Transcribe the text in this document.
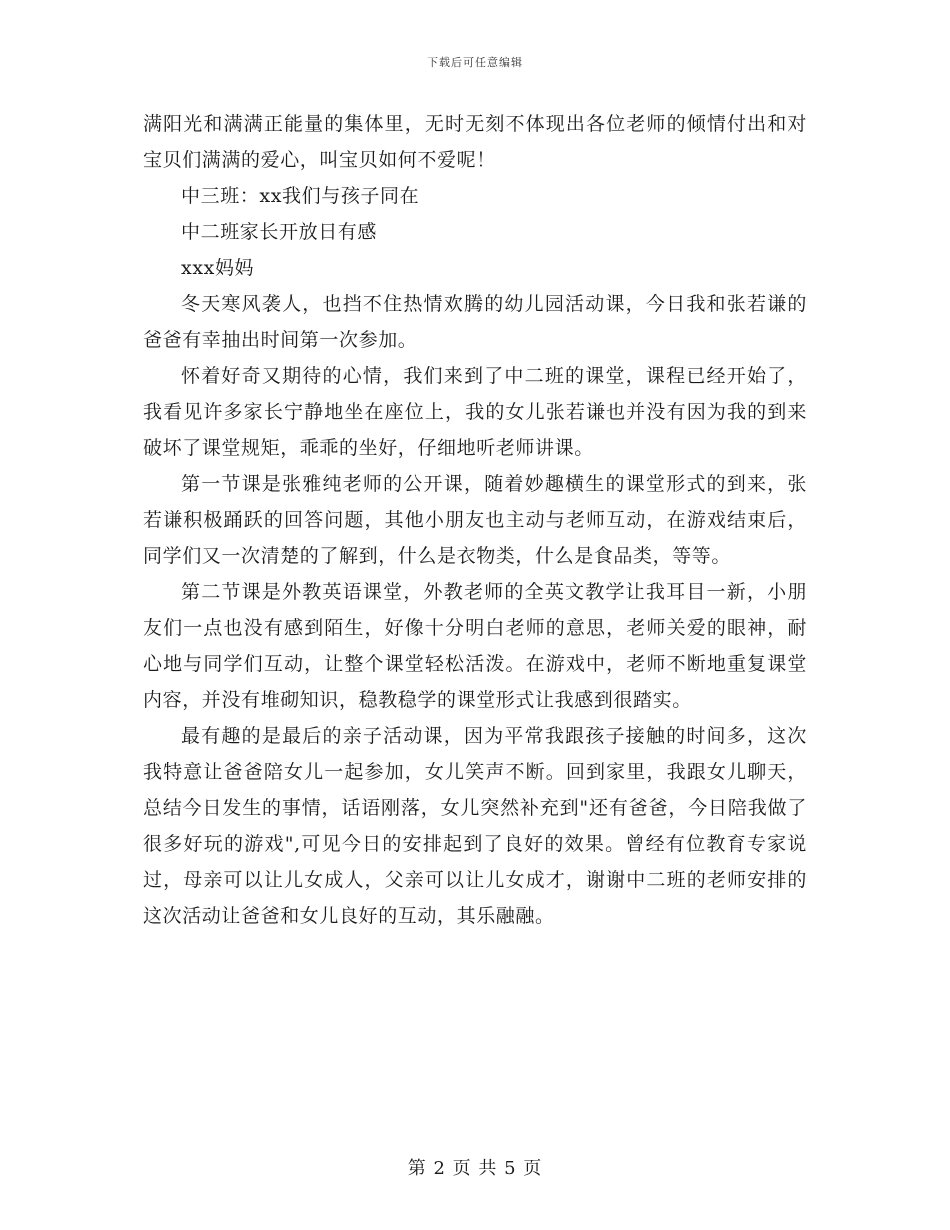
下载后可任意编辑

满阳光和满满正能量的集体里，无时无刻不体现出各位老师的倾情付出和对宝贝们满满的爱心，叫宝贝如何不爱呢！

中三班：xx我们与孩子同在

中二班家长开放日有感

xxx妈妈

冬天寒风袭人，也挡不住热情欢腾的幼儿园活动课，今日我和张若谦的爸爸有幸抽出时间第一次参加。

怀着好奇又期待的心情，我们来到了中二班的课堂，课程已经开始了，我看见许多家长宁静地坐在座位上，我的女儿张若谦也并没有因为我的到来破坏了课堂规矩，乖乖的坐好，仔细地听老师讲课。

第一节课是张雅纯老师的公开课，随着妙趣横生的课堂形式的到来，张若谦积极踊跃的回答问题，其他小朋友也主动与老师互动，在游戏结束后，同学们又一次清楚的了解到，什么是衣物类，什么是食品类，等等。

第二节课是外教英语课堂，外教老师的全英文教学让我耳目一新，小朋友们一点也没有感到陌生，好像十分明白老师的意思，老师关爱的眼神，耐心地与同学们互动，让整个课堂轻松活泼。在游戏中，老师不断地重复课堂内容，并没有堆砌知识，稳教稳学的课堂形式让我感到很踏实。

最有趣的是最后的亲子活动课，因为平常我跟孩子接触的时间多，这次我特意让爸爸陪女儿一起参加，女儿笑声不断。回到家里，我跟女儿聊天，总结今日发生的事情，话语刚落，女儿突然补充到"还有爸爸，今日陪我做了很多好玩的游戏",可见今日的安排起到了良好的效果。曾经有位教育专家说过，母亲可以让儿女成人，父亲可以让儿女成才，谢谢中二班的老师安排的这次活动让爸爸和女儿良好的互动，其乐融融。

第 2 页 共 5 页
